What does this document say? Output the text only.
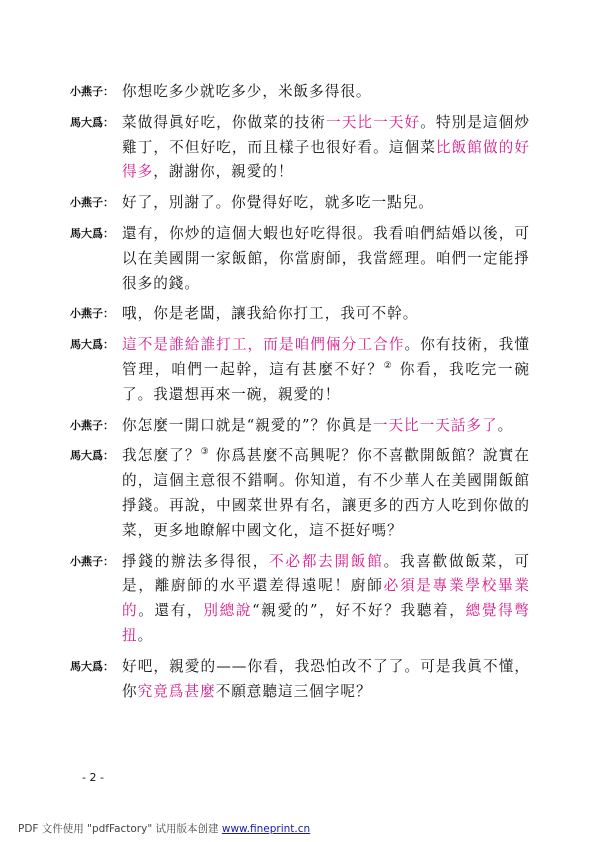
小燕子： 你想吃多少就吃多少，米飯多得很。
馬大爲： 菜做得眞好吃，你做菜的技術一天比一天好。特別是這個炒雞丁，不但好吃，而且樣子也很好看。這個菜比飯館做的好得多，謝謝你，親愛的！
小燕子： 好了，別謝了。你覺得好吃，就多吃一點兒。
馬大爲： 還有，你炒的這個大蝦也好吃得很。我看咱們結婚以後，可以在美國開一家飯館，你當廚師，我當經理。咱們一定能掙很多的錢。
小燕子： 哦，你是老闆，讓我給你打工，我可不幹。
馬大爲： 這不是誰給誰打工，而是咱們倆分工合作。你有技術，我懂管理，咱們一起幹，這有甚麼不好？② 你看，我吃完一碗了。我還想再來一碗，親愛的！
小燕子： 你怎麼一開口就是“親愛的”？你眞是一天比一天話多了。
馬大爲： 我怎麼了？③ 你爲甚麼不高興呢？你不喜歡開飯館？說實在的，這個主意很不錯啊。你知道，有不少華人在美國開飯館掙錢。再說，中國菜世界有名，讓更多的西方人吃到你做的菜，更多地瞭解中國文化，這不挺好嗎？
小燕子： 掙錢的辦法多得很，不必都去開飯館。我喜歡做飯菜，可是，離廚師的水平還差得遠呢！廚師必須是專業學校畢業的。還有，別總說“親愛的”，好不好？我聽着，總覺得彆扭。
馬大爲： 好吧，親愛的——你看，我恐怕改不了了。可是我眞不懂，你究竟爲甚麼不願意聽這三個字呢？
- 2 -
PDF 文件使用 "pdfFactory" 试用版本创建 www.fineprint.cn
